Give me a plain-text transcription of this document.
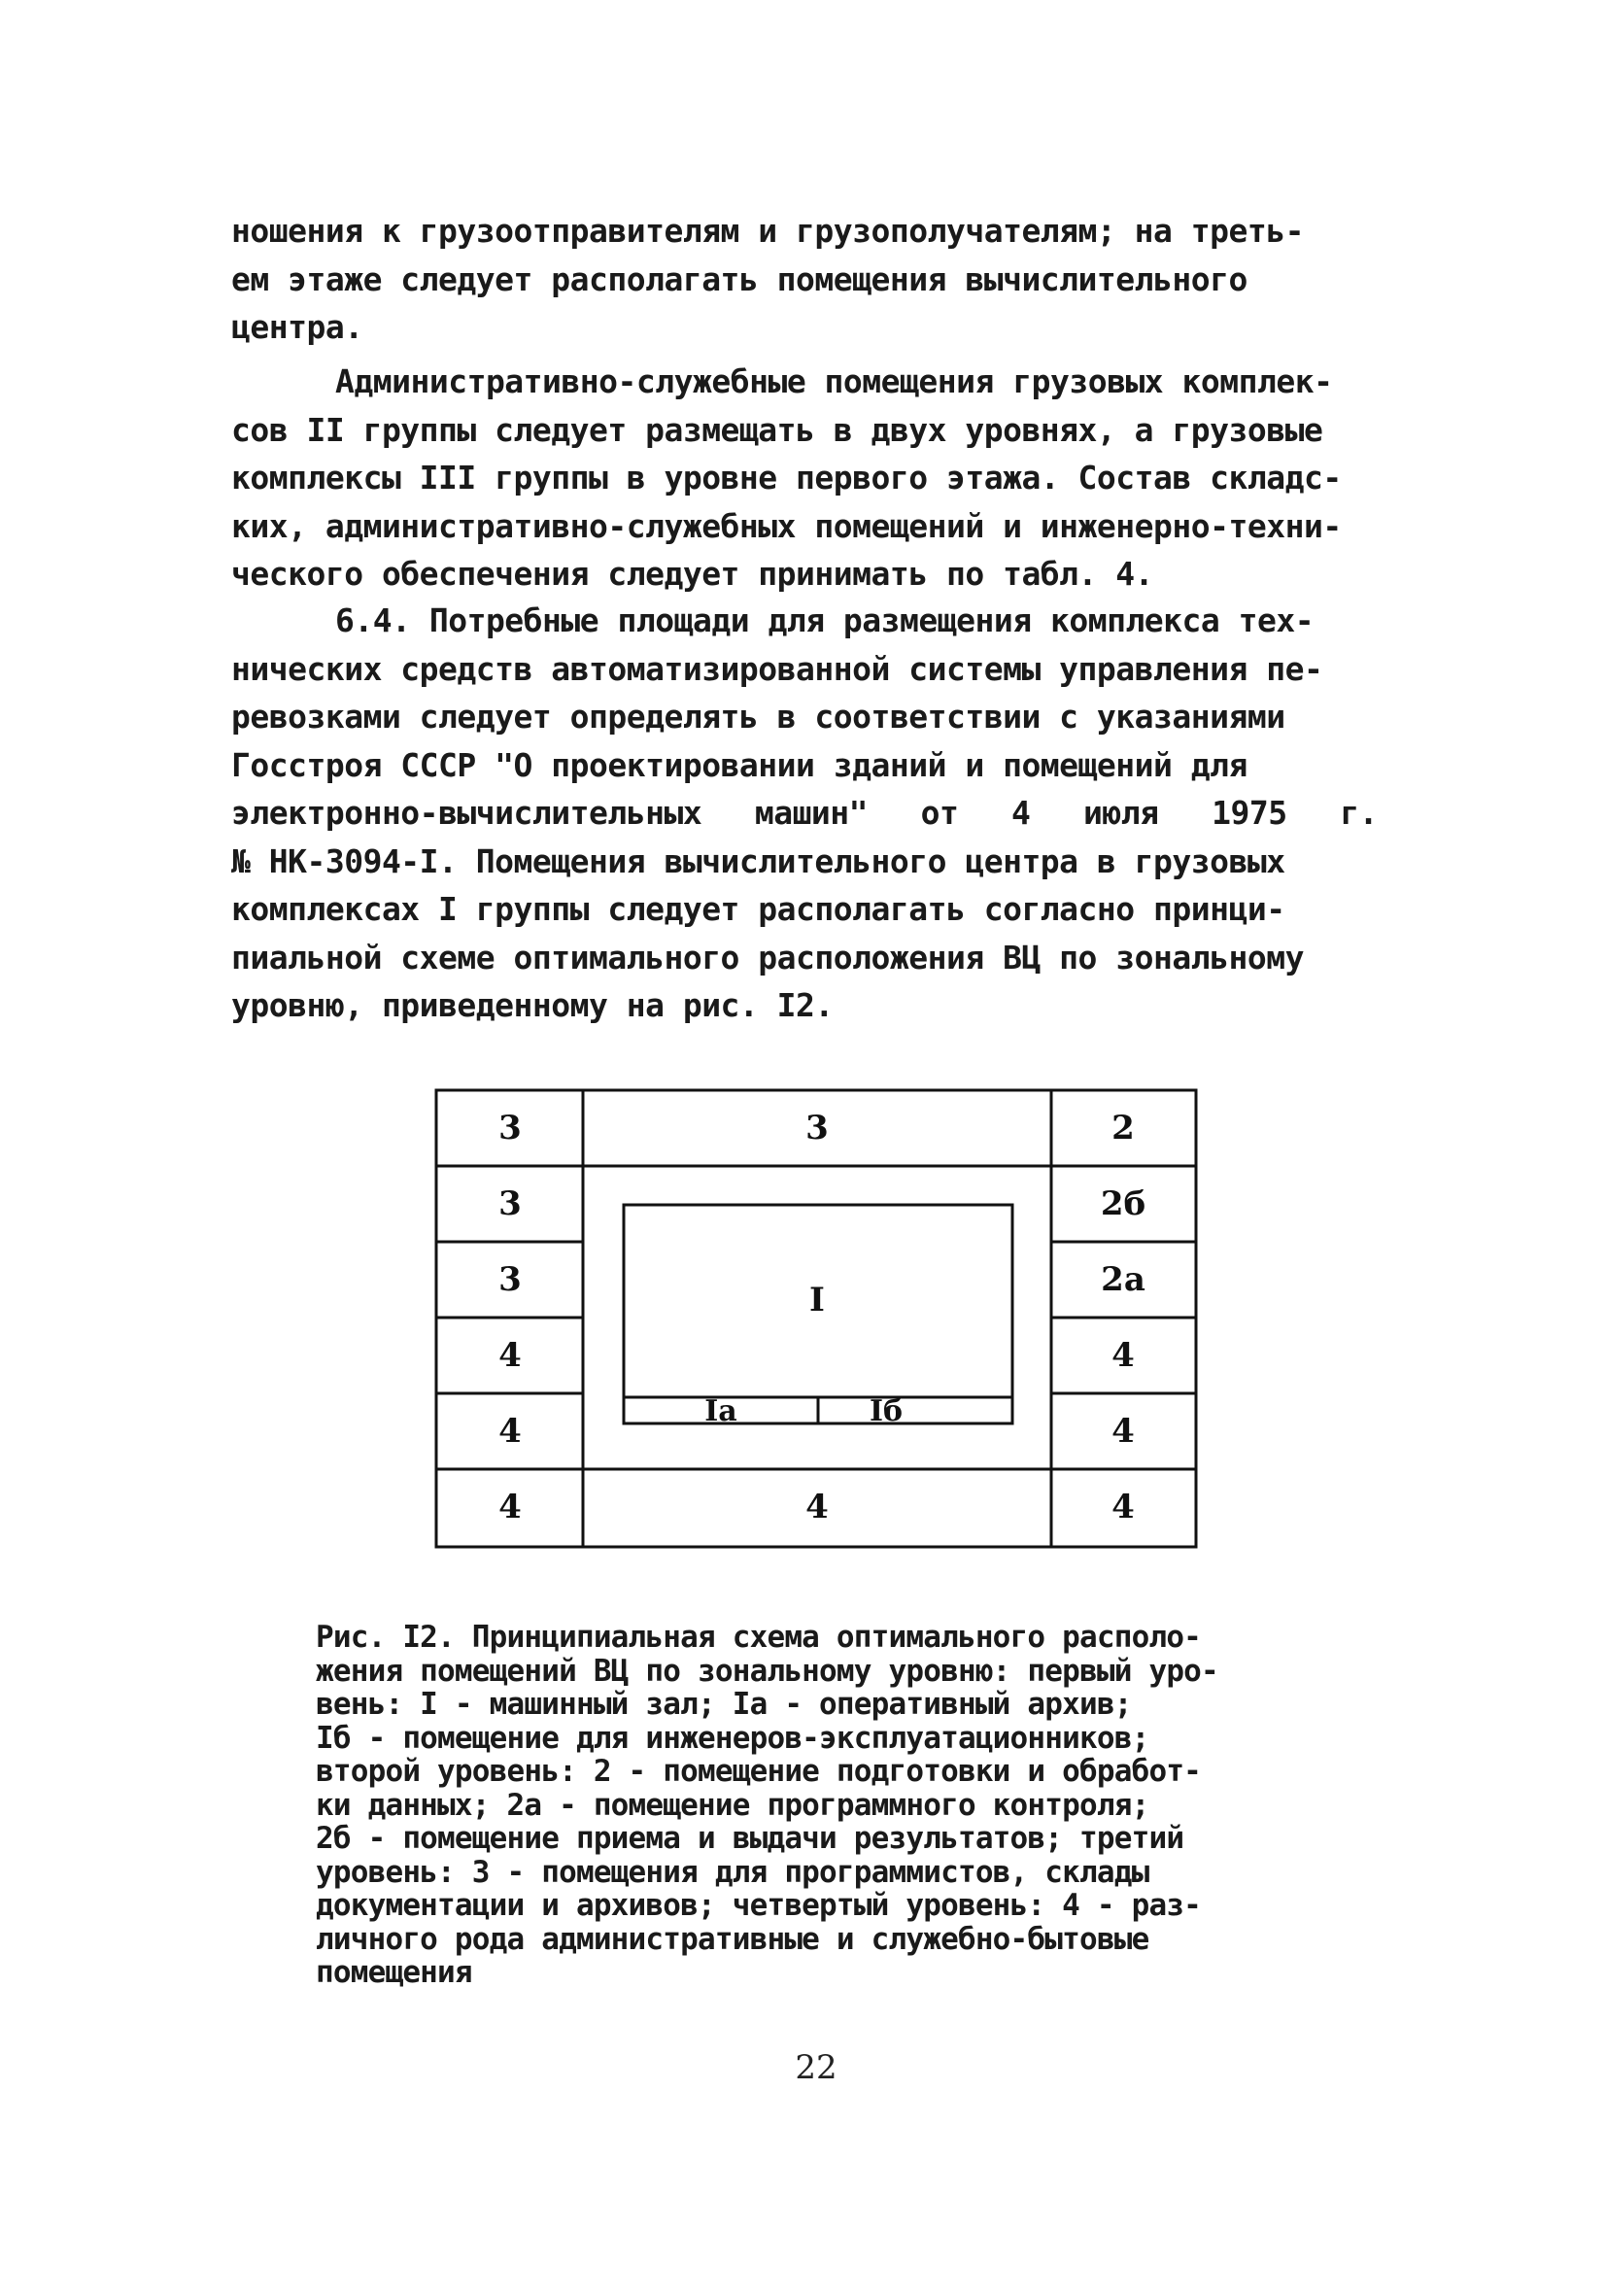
ношения к грузоотправителям и грузополучателям; на треть-
ем этаже следует располагать помещения вычислительного
центра.
Административно-служебные помещения грузовых комплек-
сов II группы следует размещать в двух уровнях, а грузовые
комплексы III группы в уровне первого этажа. Состав складс-
ких, административно-служебных помещений и инженерно-техни-
ческого обеспечения следует принимать по табл. 4.
6.4. Потребные площади для размещения комплекса тех-
нических средств автоматизированной системы управления пе-
ревозками следует определять в соответствии с указаниями
Госстроя СССР "О проектировании зданий и помещений для
электронно-вычислительных машин" от 4 июля 1975 г.
№ НК-3094-I. Помещения вычислительного центра в грузовых
комплексах I группы следует располагать согласно принци-
пиальной схеме оптимального расположения ВЦ по зональному
уровню, приведенному на рис. I2.
3
3
3
4
4
4
3
4
2
2б
2а
4
4
4
I
Iа	Iб
Рис. I2. Принципиальная схема оптимального располо-
жения помещений ВЦ по зональному уровню: первый уро-
вень: I - машинный зал; Iа - оперативный архив;
Iб - помещение для инженеров-эксплуатационников;
второй уровень: 2 - помещение подготовки и обработ-
ки данных; 2а - помещение программного контроля;
2б - помещение приема и выдачи результатов; третий
уровень: 3 - помещения для программистов, склады
документации и архивов; четвертый уровень: 4 - раз-
личного рода административные и служебно-бытовые
помещения
22
